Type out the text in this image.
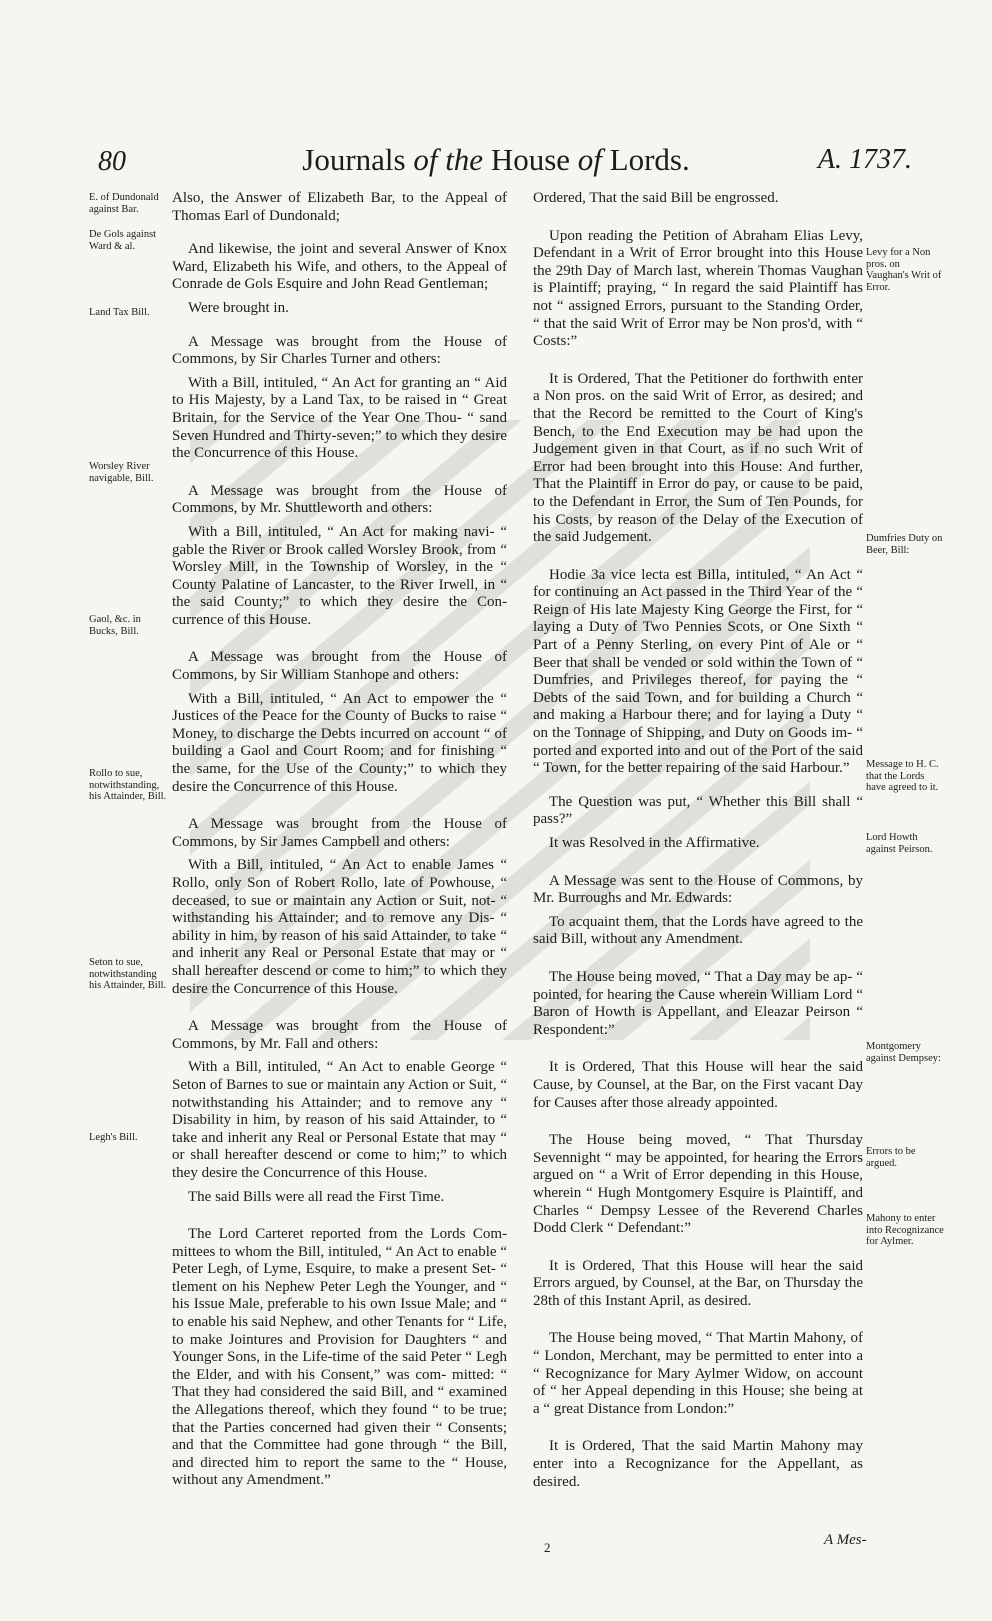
80	Journals of the House of Lords.	A. 1737.
E. of Dundonald against Bar.
De Gols against Ward & al.
Land Tax Bill.
Worsley River navigable, Bill.
Gaol, &c. in Bucks, Bill.
Rollo to sue, notwithstanding, his Attainder, Bill.
Seton to sue, notwithstanding his Attainder, Bill.
Legh's Bill.
Levy for a Non pros. on Vaughan's Writ of Error.
Dumfries Duty on Beer, Bill:
Message to H. C. that the Lords have agreed to it.
Lord Howth against Peirson.
Montgomery against Dempsey:
Errors to be argued.
Mahony to enter into Recognizance for Aylmer.

Also, the Answer of Elizabeth Bar, to the Appeal of Thomas Earl of Dundonald;

And likewise, the joint and several Answer of Knox Ward, Elizabeth his Wife, and others, to the Appeal of Conrade de Gols Esquire and John Read Gentleman;

Were brought in.

A Message was brought from the House of Commons, by Sir Charles Turner and others:

With a Bill, intituled, “ An Act for granting an “ Aid to His Majesty, by a Land Tax, to be raised in “ Great Britain, for the Service of the Year One Thou- “ sand Seven Hundred and Thirty-seven;” to which they desire the Concurrence of this House.

A Message was brought from the House of Commons, by Mr. Shuttleworth and others:

With a Bill, intituled, “ An Act for making navi- “ gable the River or Brook called Worsley Brook, from “ Worsley Mill, in the Township of Worsley, in the “ County Palatine of Lancaster, to the River Irwell, in “ the said County;” to which they desire the Con- currence of this House.

A Message was brought from the House of Commons, by Sir William Stanhope and others:

With a Bill, intituled, “ An Act to empower the “ Justices of the Peace for the County of Bucks to raise “ Money, to discharge the Debts incurred on account “ of building a Gaol and Court Room; and for finishing “ the same, for the Use of the County;” to which they desire the Concurrence of this House.

A Message was brought from the House of Commons, by Sir James Campbell and others:

With a Bill, intituled, “ An Act to enable James “ Rollo, only Son of Robert Rollo, late of Powhouse, “ deceased, to sue or maintain any Action or Suit, not- “ withstanding his Attainder; and to remove any Dis- “ ability in him, by reason of his said Attainder, to take “ and inherit any Real or Personal Estate that may or “ shall hereafter descend or come to him;” to which they desire the Concurrence of this House.

A Message was brought from the House of Commons, by Mr. Fall and others:

With a Bill, intituled, “ An Act to enable George “ Seton of Barnes to sue or maintain any Action or Suit, “ notwithstanding his Attainder; and to remove any “ Disability in him, by reason of his said Attainder, to “ take and inherit any Real or Personal Estate that may “ or shall hereafter descend or come to him;” to which they desire the Concurrence of this House.

The said Bills were all read the First Time.

The Lord Carteret reported from the Lords Com- mittees to whom the Bill, intituled, “ An Act to enable “ Peter Legh, of Lyme, Esquire, to make a present Set- “ tlement on his Nephew Peter Legh the Younger, and “ his Issue Male, preferable to his own Issue Male; and “ to enable his said Nephew, and other Tenants for “ Life, to make Jointures and Provision for Daughters “ and Younger Sons, in the Life-time of the said Peter “ Legh the Elder, and with his Consent,” was com- mitted: “ That they had considered the said Bill, and “ examined the Allegations thereof, which they found “ to be true; that the Parties concerned had given their “ Consents; and that the Committee had gone through “ the Bill, and directed him to report the same to the “ House, without any Amendment.”

Ordered, That the said Bill be engrossed.

Upon reading the Petition of Abraham Elias Levy, Defendant in a Writ of Error brought into this House the 29th Day of March last, wherein Thomas Vaughan is Plaintiff; praying, “ In regard the said Plaintiff has not “ assigned Errors, pursuant to the Standing Order, “ that the said Writ of Error may be Non pros'd, with “ Costs:”

It is Ordered, That the Petitioner do forthwith enter a Non pros. on the said Writ of Error, as desired; and that the Record be remitted to the Court of King's Bench, to the End Execution may be had upon the Judgement given in that Court, as if no such Writ of Error had been brought into this House: And further, That the Plaintiff in Error do pay, or cause to be paid, to the Defendant in Error, the Sum of Ten Pounds, for his Costs, by reason of the Delay of the Execution of the said Judgement.

Hodie 3a vice lecta est Billa, intituled, “ An Act “ for continuing an Act passed in the Third Year of the “ Reign of His late Majesty King George the First, for “ laying a Duty of Two Pennies Scots, or One Sixth “ Part of a Penny Sterling, on every Pint of Ale or “ Beer that shall be vended or sold within the Town of “ Dumfries, and Privileges thereof, for paying the “ Debts of the said Town, and for building a Church “ and making a Harbour there; and for laying a Duty “ on the Tonnage of Shipping, and Duty on Goods im- “ ported and exported into and out of the Port of the said “ Town, for the better repairing of the said Harbour.”

The Question was put, “ Whether this Bill shall “ pass?”

It was Resolved in the Affirmative.

A Message was sent to the House of Commons, by Mr. Burroughs and Mr. Edwards:

To acquaint them, that the Lords have agreed to the said Bill, without any Amendment.

The House being moved, “ That a Day may be ap- “ pointed, for hearing the Cause wherein William Lord “ Baron of Howth is Appellant, and Eleazar Peirson “ Respondent:”

It is Ordered, That this House will hear the said Cause, by Counsel, at the Bar, on the First vacant Day for Causes after those already appointed.

The House being moved, “ That Thursday Sevennight “ may be appointed, for hearing the Errors argued on “ a Writ of Error depending in this House, wherein “ Hugh Montgomery Esquire is Plaintiff, and Charles “ Dempsy Lessee of the Reverend Charles Dodd Clerk “ Defendant:”

It is Ordered, That this House will hear the said Errors argued, by Counsel, at the Bar, on Thursday the 28th of this Instant April, as desired.

The House being moved, “ That Martin Mahony, of “ London, Merchant, may be permitted to enter into a “ Recognizance for Mary Aylmer Widow, on account of “ her Appeal depending in this House; she being at a “ great Distance from London:”

It is Ordered, That the said Martin Mahony may enter into a Recognizance for the Appellant, as desired.

2	A Mes-
